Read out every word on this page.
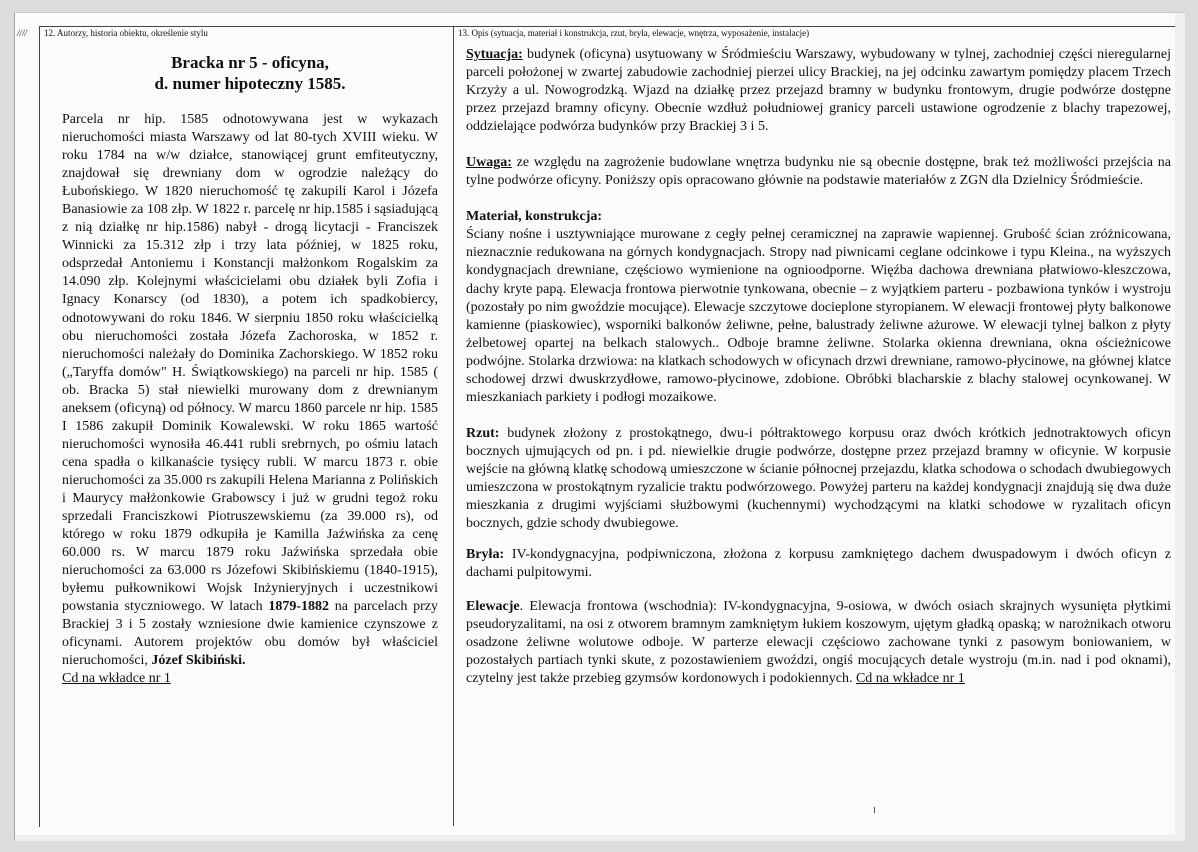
//// 12. Autorzy, historia obiektu, określenie stylu	13. Opis (sytuacja, materiał i konstrukcja, rzut, bryła, elewacje, wnętrza, wyposażenie, instalacje)

Bracka nr 5 - oficyna,

d. numer hipoteczny 1585.

Parcela nr hip. 1585 odnotowywana jest w wykazach nieruchomości miasta Warszawy od lat 80-tych XVIII wieku. W roku 1784 na w/w działce, stanowiącej grunt emfiteutyczny, znajdował się drewniany dom w ogrodzie należący do Łubońskiego. W 1820 nieruchomość tę zakupili Karol i Józefa Banasiowie za 108 złp. W 1822 r. parcelę nr hip.1585 i sąsiadującą z nią działkę nr hip.1586) nabył - drogą licytacji - Franciszek Winnicki za 15.312 złp i trzy lata później, w 1825 roku, odsprzedał Antoniemu i Konstancji małżonkom Rogalskim za 14.090 złp. Kolejnymi właścicielami obu działek byli Zofia i Ignacy Konarscy (od 1830), a potem ich spadkobiercy, odnotowywani do roku 1846. W sierpniu 1850 roku właścicielką obu nieruchomości została Józefa Zachoroska, w 1852 r. nieruchomości należały do Dominika Zachorskiego. W 1852 roku („Taryffa domów" H. Świątkowskiego) na parceli nr hip. 1585 ( ob. Bracka 5) stał niewielki murowany dom z drewnianym aneksem (oficyną) od północy. W marcu 1860 parcele nr hip. 1585 I 1586 zakupił Dominik Kowalewski. W roku 1865 wartość nieruchomości wynosiła 46.441 rubli srebrnych, po ośmiu latach cena spadła o kilkanaście tysięcy rubli. W marcu 1873 r. obie nieruchomości za 35.000 rs zakupili Helena Marianna z Polińskich i Maurycy małżonkowie Grabowscy i już w grudni tegoż roku sprzedali Franciszkowi Piotruszewskiemu (za 39.000 rs), od którego w roku 1879 odkupiła je Kamilla Jaźwińska za cenę 60.000 rs. W marcu 1879 roku Jaźwińska sprzedała obie nieruchomości za 63.000 rs Józefowi Skibińskiemu (1840-1915), byłemu pułkownikowi Wojsk Inżynieryjnych i uczestnikowi powstania styczniowego. W latach 1879-1882 na parcelach przy Brackiej 3 i 5 zostały wzniesione dwie kamienice czynszowe z oficynami. Autorem projektów obu domów był właściciel nieruchomości, Józef Skibiński.

Cd na wkładce nr 1

Sytuacja: budynek (oficyna) usytuowany w Śródmieściu Warszawy, wybudowany w tylnej, zachodniej części nieregularnej parceli położonej w zwartej zabudowie zachodniej pierzei ulicy Brackiej, na jej odcinku zawartym pomiędzy placem Trzech Krzyży a ul. Nowogrodzką. Wjazd na działkę przez przejazd bramny w budynku frontowym, drugie podwórze dostępne przez przejazd bramny oficyny. Obecnie wzdłuż południowej granicy parceli ustawione ogrodzenie z blachy trapezowej, oddzielające podwórza budynków przy Brackiej 3 i 5.

Uwaga: ze względu na zagrożenie budowlane wnętrza budynku nie są obecnie dostępne, brak też możliwości przejścia na tylne podwórze oficyny. Poniższy opis opracowano głównie na podstawie materiałów z ZGN dla Dzielnicy Śródmieście.

Materiał, konstrukcja:
Ściany nośne i usztywniające murowane z cegły pełnej ceramicznej na zaprawie wapiennej. Grubość ścian zróżnicowana, nieznacznie redukowana na górnych kondygnacjach. Stropy nad piwnicami ceglane odcinkowe i typu Kleina., na wyższych kondygnacjach drewniane, częściowo wymienione na ognioodporne. Więźba dachowa drewniana płatwiowo-kleszczowa, dachy kryte papą. Elewacja frontowa pierwotnie tynkowana, obecnie – z wyjątkiem parteru - pozbawiona tynków i wystroju (pozostały po nim gwoździe mocujące). Elewacje szczytowe docieplone styropianem. W elewacji frontowej płyty balkonowe kamienne (piaskowiec), wsporniki balkonów żeliwne, pełne, balustrady żeliwne ażurowe. W elewacji tylnej balkon z płyty żelbetowej opartej na belkach stalowych.. Odboje bramne żeliwne. Stolarka okienna drewniana, okna ościeżnicowe podwójne. Stolarka drzwiowa: na klatkach schodowych w oficynach drzwi drewniane, ramowo-płycinowe, na głównej klatce schodowej drzwi dwuskrzydłowe, ramowo-płycinowe, zdobione. Obróbki blacharskie z blachy stalowej ocynkowanej. W mieszkaniach parkiety i podłogi mozaikowe.

Rzut: budynek złożony z prostokątnego, dwu-i półtraktowego korpusu oraz dwóch krótkich jednotraktowych oficyn bocznych ujmujących od pn. i pd. niewielkie drugie podwórze, dostępne przez przejazd bramny w oficynie. W korpusie wejście na główną klatkę schodową umieszczone w ścianie północnej przejazdu, klatka schodowa o schodach dwubiegowych umieszczona w prostokątnym ryzalicie traktu podwórzowego. Powyżej parteru na każdej kondygnacji znajdują się dwa duże mieszkania z drugimi wyjściami służbowymi (kuchennymi) wychodzącymi na klatki schodowe w ryzalitach oficyn bocznych, gdzie schody dwubiegowe.

Bryła: IV-kondygnacyjna, podpiwniczona, złożona z korpusu zamkniętego dachem dwuspadowym i dwóch oficyn z dachami pulpitowymi.

Elewacje. Elewacja frontowa (wschodnia): IV-kondygnacyjna, 9-osiowa, w dwóch osiach skrajnych wysunięta płytkimi pseudoryzalitami, na osi z otworem bramnym zamkniętym łukiem koszowym, ujętym gładką opaską; w narożnikach otworu osadzone żeliwne wolutowe odboje. W parterze elewacji częściowo zachowane tynki z pasowym boniowaniem, w pozostałych partiach tynki skute, z pozostawieniem gwoździ, ongiś mocujących detale wystroju (m.in. nad i pod oknami), czytelny jest także przebieg gzymsów kordonowych i podokiennych. Cd na wkładce nr 1
